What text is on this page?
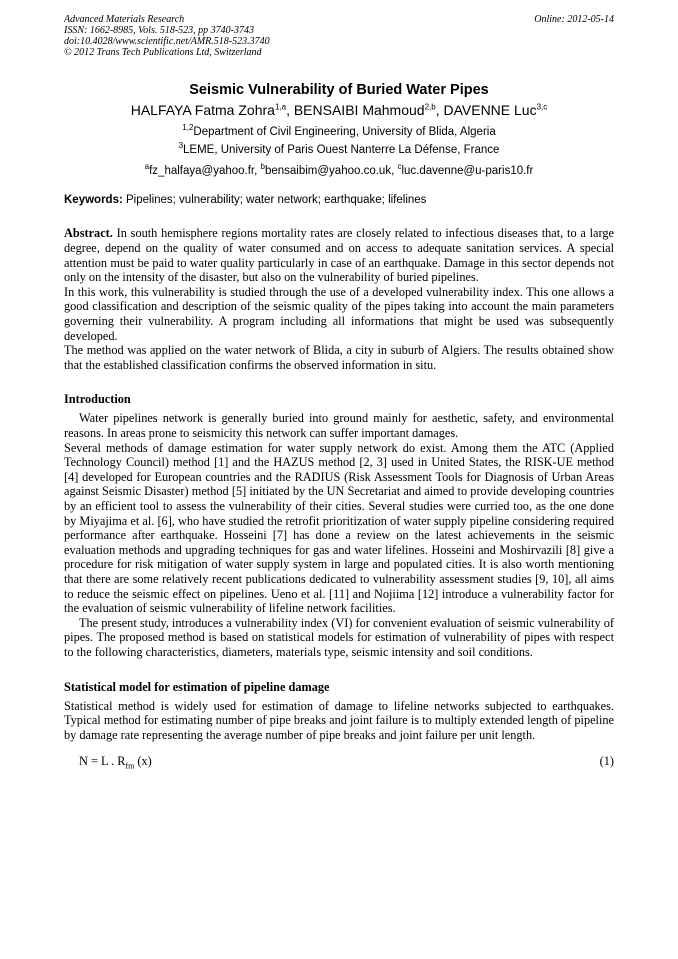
Advanced Materials Research
ISSN: 1662-8985, Vols. 518-523, pp 3740-3743
doi:10.4028/www.scientific.net/AMR.518-523.3740
© 2012 Trans Tech Publications Ltd, Switzerland
Online: 2012-05-14
Seismic Vulnerability of Buried Water Pipes
HALFAYA Fatma Zohra$^{1,a}$, BENSAIBI Mahmoud$^{2,b}$, DAVENNE Luc$^{3,c}$
$^{1,2}$Department of Civil Engineering, University of Blida, Algeria
$^3$LEME, University of Paris Ouest Nanterre La Défense, France
$^a$fz_halfaya@yahoo.fr, $^b$bensaibim@yahoo.co.uk, $^c$luc.davenne@u-paris10.fr
Keywords: Pipelines; vulnerability; water network; earthquake; lifelines

Abstract. In south hemisphere regions mortality rates are closely related to infectious diseases that, to a large degree, depend on the quality of water consumed and on access to adequate sanitation services. A special attention must be paid to water quality particularly in case of an earthquake. Damage in this sector depends not only on the intensity of the disaster, but also on the vulnerability of buried pipelines.

In this work, this vulnerability is studied through the use of a developed vulnerability index. This one allows a good classification and description of the seismic quality of the pipes taking into account the main parameters governing their vulnerability. A program including all informations that might be used was subsequently developed.

The method was applied on the water network of Blida, a city in suburb of Algiers. The results obtained show that the established classification confirms the observed information in situ.

Introduction

Water pipelines network is generally buried into ground mainly for aesthetic, safety, and environmental reasons. In areas prone to seismicity this network can suffer important damages.

Several methods of damage estimation for water supply network do exist. Among them the ATC (Applied Technology Council) method [1] and the HAZUS method [2, 3] used in United States, the RISK-UE method [4] developed for European countries and the RADIUS (Risk Assessment Tools for Diagnosis of Urban Areas against Seismic Disaster) method [5] initiated by the UN Secretariat and aimed to provide developing countries by an efficient tool to assess the vulnerability of their cities. Several studies were curried too, as the one done by Miyajima et al. [6], who have studied the retrofit prioritization of water supply pipeline considering required performance after earthquake. Hosseini [7] has done a review on the latest achievements in the seismic evaluation methods and upgrading techniques for gas and water lifelines. Hosseini and Moshirvazili [8] give a procedure for risk mitigation of water supply system in large and populated cities. It is also worth mentioning that there are some relatively recent publications dedicated to vulnerability assessment studies [9, 10], all aims to reduce the seismic effect on pipelines. Ueno et al. [11] and Nojiima [12] introduce a vulnerability factor for the evaluation of seismic vulnerability of lifeline network facilities.

The present study, introduces a vulnerability index (VI) for convenient evaluation of seismic vulnerability of pipes. The proposed method is based on statistical models for estimation of vulnerability of pipes with respect to the following characteristics, diameters, materials type, seismic intensity and soil conditions.

Statistical model for estimation of pipeline damage

Statistical method is widely used for estimation of damage to lifeline networks subjected to earthquakes. Typical method for estimating number of pipe breaks and joint failure is to multiply extended length of pipeline by damage rate representing the average number of pipe breaks and joint failure per unit length.

N = L . $R_{fm}$ (x)	(1)
